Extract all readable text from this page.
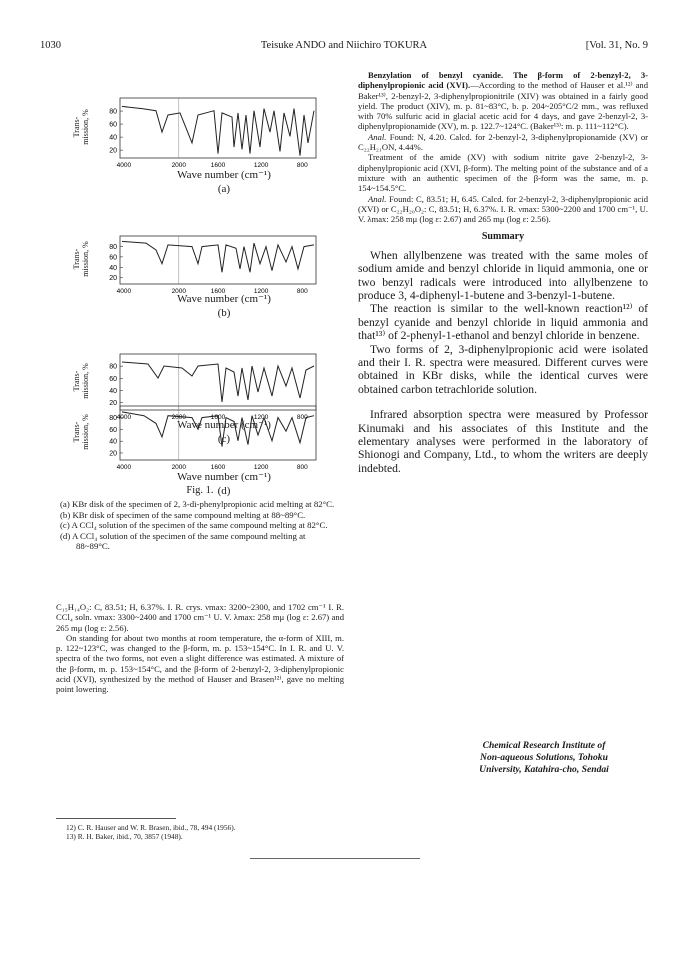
1030	Teisuke ANDO and Niichiro TOKURA	[Vol. 31, No. 9
Trans- mission, %	80
60
40
20
4000	2000	1600	1200	800
Wave number (cm⁻¹)
(a)
Trans- mission, %	80
60
40
20
4000	2000	1600	1200	800
Wave number (cm⁻¹)
(b)
Trans- mission, %	80
60
40
20
4000	2000	1600	1200	800
Wave number (cm⁻¹)
(c)
Trans- mission, %	80
60
40
20
4000	2000	1600	1200	800
Wave number (cm⁻¹)
(d)
Fig. 1.
(a) KBr disk of the specimen of 2, 3-di-phenylpropionic acid melting at 82°C.
(b) KBr disk of specimen of the same compound melting at 88~89°C.
(c) A CCl₄ solution of the specimen of the same compound melting at 82°C.
(d) A CCl₄ solution of the specimen of the same compound melting at 88~89°C.

C₁₅H₁₄O₂: C, 83.51; H, 6.37%. I. R. crys. νmax: 3200~2300, and 1702 cm⁻¹ I. R. CCl₄ soln. νmax: 3300~2400 and 1700 cm⁻¹ U. V. λmax: 258 mμ (log ε: 2.67) and 265 mμ (log ε: 2.56).

On standing for about two months at room temperature, the α-form of XIII, m. p. 122~123°C, was changed to the β-form, m. p. 153~154°C. In I. R. and U. V. spectra of the two forms, not even a slight difference was estimated. A mixture of the β-form, m. p. 153~154°C, and the β-form of 2-benzyl-2, 3-diphenylpropionic acid (XVI), synthesized by the method of Hauser and Brasen¹²⁾, gave no melting point lowering.

12) C. R. Hauser and W. R. Brasen, ibid., 78, 494 (1956).
13) R. H. Baker, ibid., 70, 3857 (1948).

Benzylation of benzyl cyanide. The β-form of 2-benzyl-2, 3-diphenylpropionic acid (XVI).—According to the method of Hauser et al.¹²⁾ and Baker¹³⁾, 2-benzyl-2, 3-diphenylpropionitrile (XIV) was obtained in a fairly good yield. The product (XIV), m. p. 81~83°C, b. p. 204~205°C/2 mm., was refluxed with 70% sulfuric acid in glacial acetic acid for 4 days, and gave 2-benzyl-2, 3-diphenylpropionamide (XV), m. p. 122.7~124°C. (Baker¹³⁾: m. p. 111~112°C).

Anal. Found: N, 4.20. Calcd. for 2-benzyl-2, 3-diphenylpropionamide (XV) or C₂₂H₂₁ON, 4.44%.

Treatment of the amide (XV) with sodium nitrite gave 2-benzyl-2, 3-diphenylpropionic acid (XVI, β-form). The melting point of the substance and of a mixture with an authentic specimen of the β-form was the same, m. p. 154~154.5°C.

Anal. Found: C, 83.51; H, 6.45. Calcd. for 2-benzyl-2, 3-diphenylpropionic acid (XVI) or C₂₂H₂₀O₂: C, 83.51; H, 6.37%. I. R. νmax: 5300~2200 and 1700 cm⁻¹, U. V. λmax: 258 mμ (log ε: 2.67) and 265 mμ (log ε: 2.56).

Summary

When allylbenzene was treated with the same moles of sodium amide and benzyl chloride in liquid ammonia, one or two benzyl radicals were introduced into allylbenzene to produce 3, 4-diphenyl-1-butene and 3-benzyl-1-butene.

The reaction is similar to the well-known reaction¹²⁾ of benzyl cyanide and benzyl chloride in liquid ammonia and that¹³⁾ of 2-phenyl-1-ethanol and benzyl chloride in benzene.

Two forms of 2, 3-diphenylpropionic acid were isolated and their I. R. spectra were measured. Different curves were obtained in KBr disks, while the identical curves were obtained carbon tetrachloride solution.

Infrared absorption spectra were measured by Professor Kinumaki and his associates of this Institute and the elementary analyses were performed in the laboratory of Shionogi and Company, Ltd., to whom the writers are deeply indebted.

Chemical Research Institute of
Non-aqueous Solutions, Tohoku
University, Katahira-cho, Sendai
